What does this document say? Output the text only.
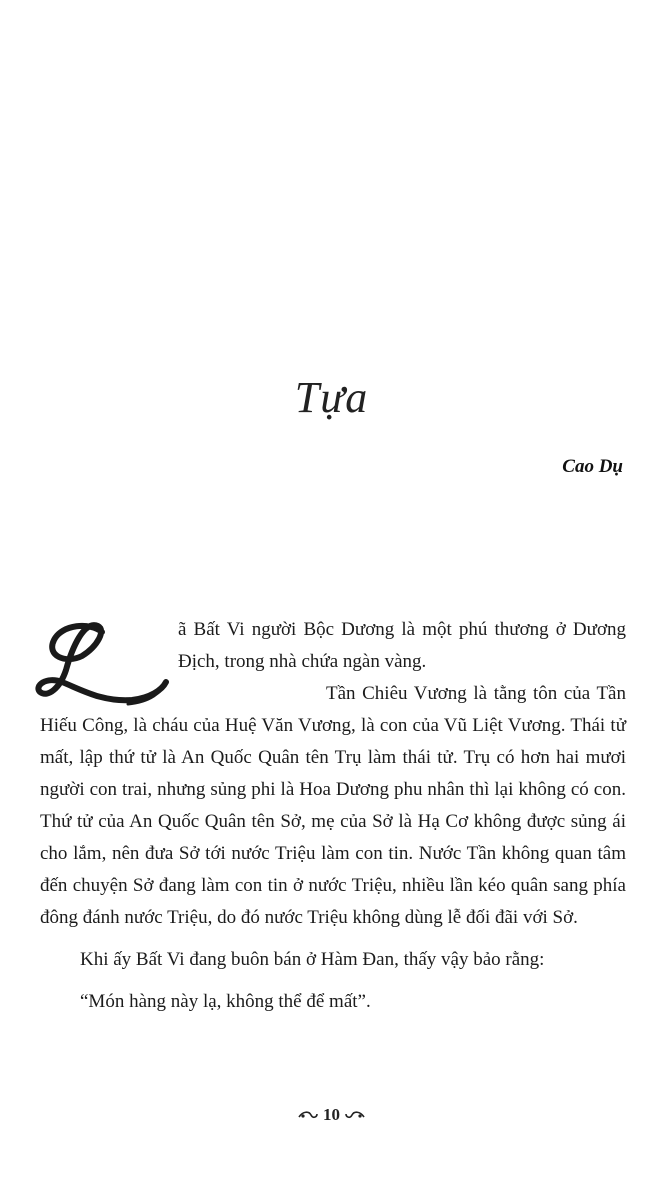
Tựa
Cao Dụ

ã Bất Vi người Bộc Dương là một phú thương ở Dương Địch, trong nhà chứa ngàn vàng.

Tần Chiêu Vương là tằng tôn của Tần Hiếu Công, là cháu của Huệ Văn Vương, là con của Vũ Liệt Vương. Thái tử mất, lập thứ tử là An Quốc Quân tên Trụ làm thái tử. Trụ có hơn hai mươi người con trai, nhưng sủng phi là Hoa Dương phu nhân thì lại không có con. Thứ tử của An Quốc Quân tên Sở, mẹ của Sở là Hạ Cơ không được sủng ái cho lắm, nên đưa Sở tới nước Triệu làm con tin. Nước Tần không quan tâm đến chuyện Sở đang làm con tin ở nước Triệu, nhiều lần kéo quân sang phía đông đánh nước Triệu, do đó nước Triệu không dùng lễ đối đãi với Sở.

Khi ấy Bất Vi đang buôn bán ở Hàm Đan, thấy vậy bảo rằng:

“Món hàng này lạ, không thể để mất”.

10
